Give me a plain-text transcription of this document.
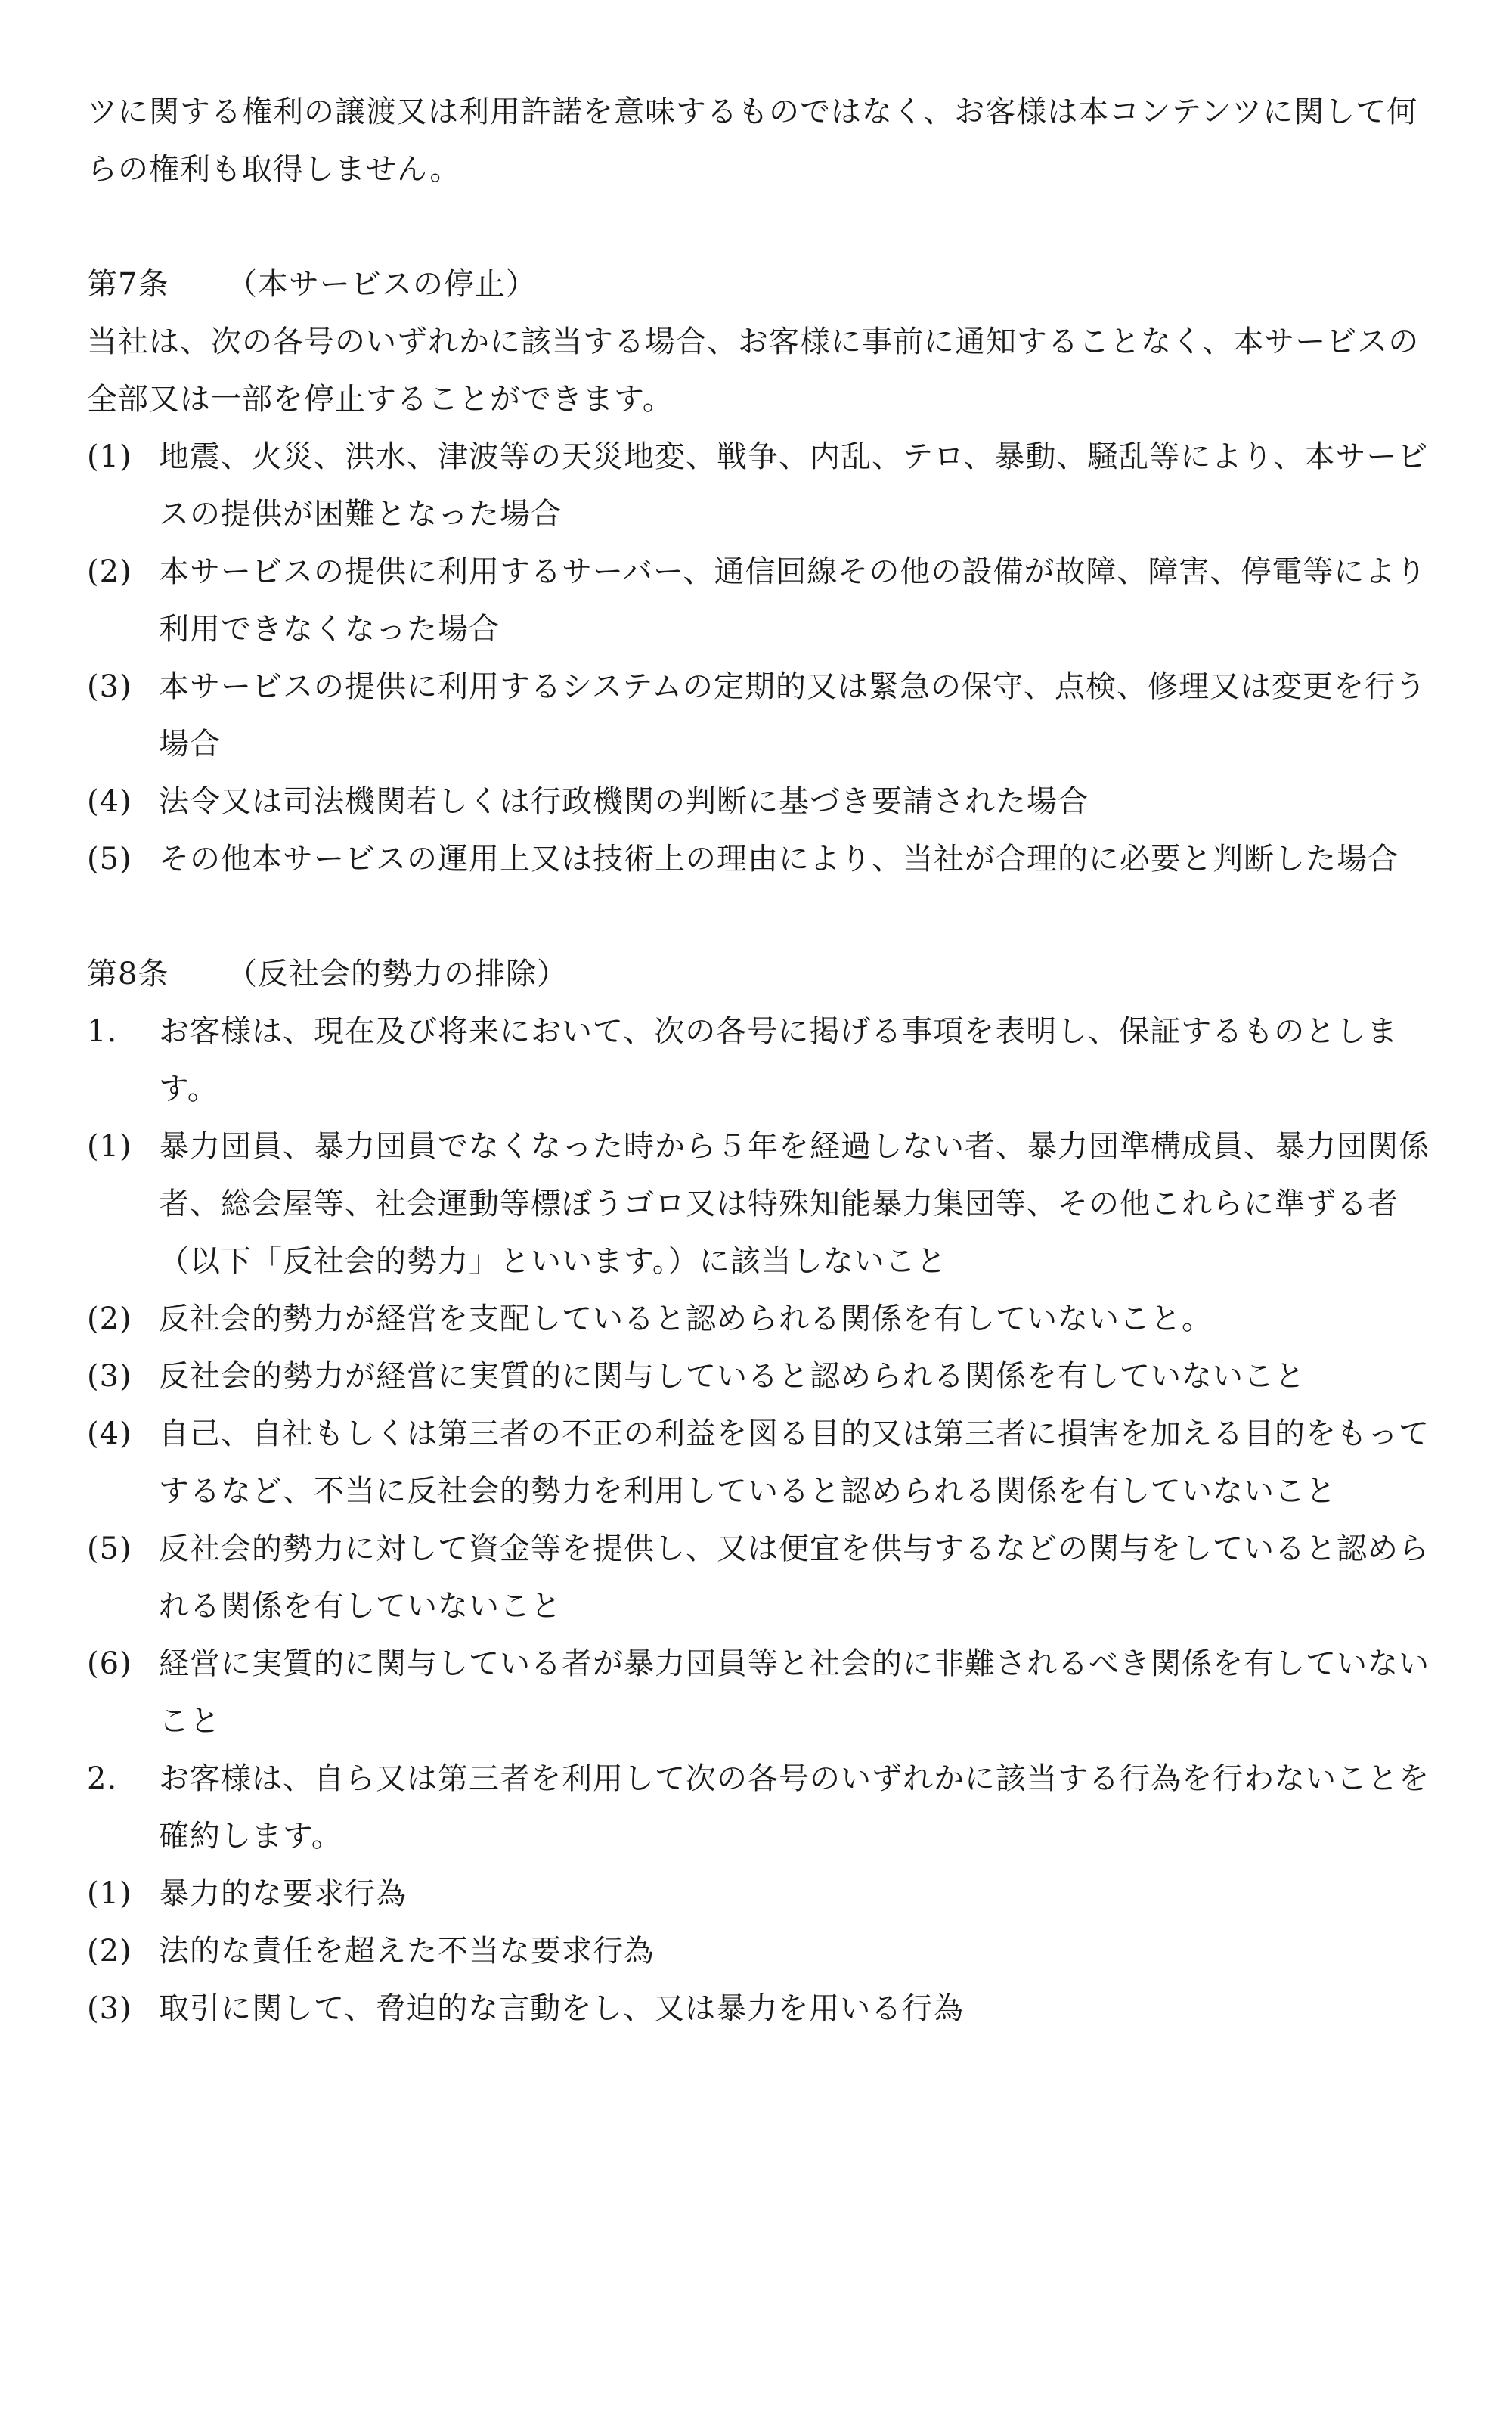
ツに関する権利の譲渡又は利用許諾を意味するものではなく、お客様は本コンテンツに関して何らの権利も取得しません。

第7条	（本サービスの停止）

当社は、次の各号のいずれかに該当する場合、お客様に事前に通知することなく、本サービスの全部又は一部を停止することができます。

(1) 地震、火災、洪水、津波等の天災地変、戦争、内乱、テロ、暴動、騒乱等により、本サービスの提供が困難となった場合
(2) 本サービスの提供に利用するサーバー、通信回線その他の設備が故障、障害、停電等により利用できなくなった場合
(3) 本サービスの提供に利用するシステムの定期的又は緊急の保守、点検、修理又は変更を行う場合
(4) 法令又は司法機関若しくは行政機関の判断に基づき要請された場合
(5) その他本サービスの運用上又は技術上の理由により、当社が合理的に必要と判断した場合

第8条	（反社会的勢力の排除）

1.	お客様は、現在及び将来において、次の各号に掲げる事項を表明し、保証するものとします。
(1) 暴力団員、暴力団員でなくなった時から５年を経過しない者、暴力団準構成員、暴力団関係者、総会屋等、社会運動等標ぼうゴロ又は特殊知能暴力集団等、その他これらに準ずる者（以下「反社会的勢力」といいます。）に該当しないこと
(2) 反社会的勢力が経営を支配していると認められる関係を有していないこと。
(3) 反社会的勢力が経営に実質的に関与していると認められる関係を有していないこと
(4) 自己、自社もしくは第三者の不正の利益を図る目的又は第三者に損害を加える目的をもってするなど、不当に反社会的勢力を利用していると認められる関係を有していないこと
(5) 反社会的勢力に対して資金等を提供し、又は便宜を供与するなどの関与をしていると認められる関係を有していないこと
(6) 経営に実質的に関与している者が暴力団員等と社会的に非難されるべき関係を有していないこと
2.	お客様は、自ら又は第三者を利用して次の各号のいずれかに該当する行為を行わないことを確約します。
(1) 暴力的な要求行為
(2) 法的な責任を超えた不当な要求行為
(3) 取引に関して、脅迫的な言動をし、又は暴力を用いる行為
